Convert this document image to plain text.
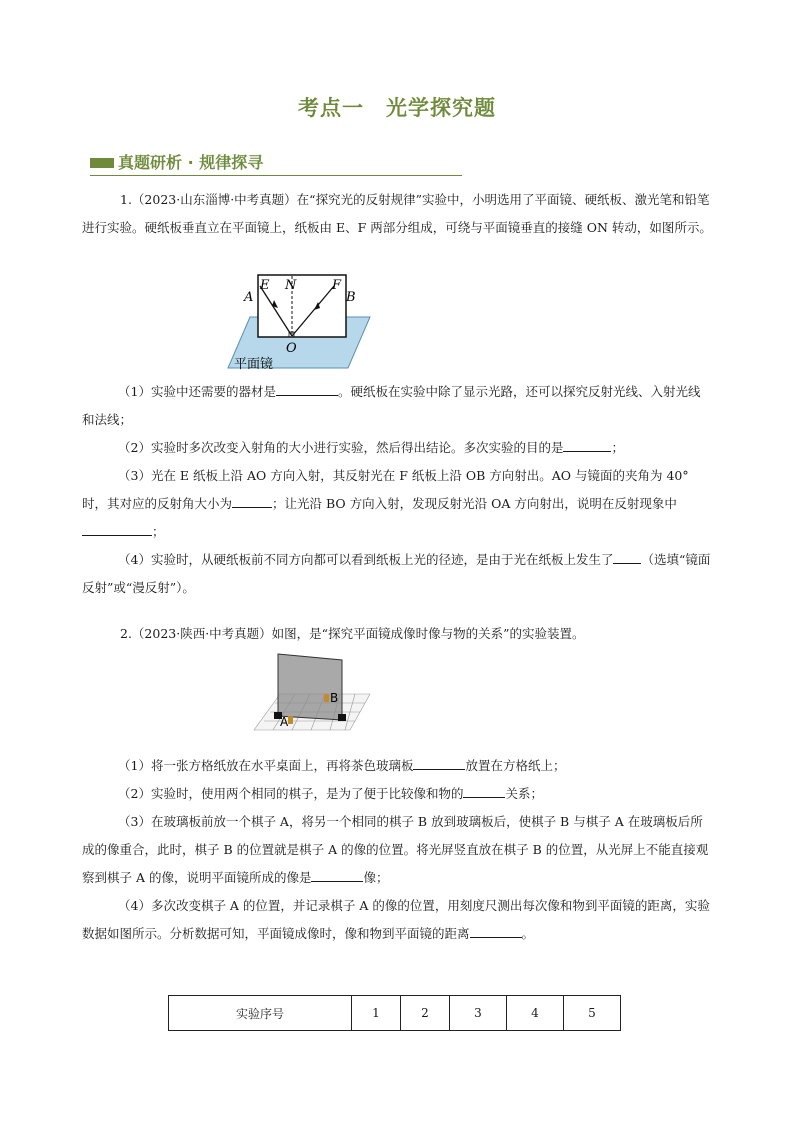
考点一　光学探究题
真题研析 · 规律探寻

1.（2023·山东淄博·中考真题）在“探究光的反射规律”实验中，小明选用了平面镜、硬纸板、激光笔和铅笔进行实验。硬纸板垂直立在平面镜上，纸板由 E、F 两部分组成，可绕与平面镜垂直的接缝 ON 转动，如图所示。

A
E N	F
B
O
平面镜

（1）实验中还需要的器材是	。硬纸板在实验中除了显示光路，还可以探究反射光线、入射光线和法线；

（2）实验时多次改变入射角的大小进行实验，然后得出结论。多次实验的目的是	；

（3）光在 E 纸板上沿 AO 方向入射，其反射光在 F 纸板上沿 OB 方向射出。AO 与镜面的夹角为 40° 时，其对应的反射角大小为	；让光沿 BO 方向入射，发现反射光沿 OA 方向射出，说明在反射现象中；

（4）实验时，从硬纸板前不同方向都可以看到纸板上光的径迹，是由于光在纸板上发生了 （选填“镜面反射”或“漫反射”）。

2.（2023·陕西·中考真题）如图，是“探究平面镜成像时像与物的关系”的实验装置。

A
B

（1）将一张方格纸放在水平桌面上，再将茶色玻璃板	放置在方格纸上；

（2）实验时，使用两个相同的棋子，是为了便于比较像和物的	关系；

（3）在玻璃板前放一个棋子 A，将另一个相同的棋子 B 放到玻璃板后，使棋子 B 与棋子 A 在玻璃板后所成的像重合，此时，棋子 B 的位置就是棋子 A 的像的位置。将光屏竖直放在棋子 B 的位置，从光屏上不能直接观察到棋子 A 的像，说明平面镜所成的像是	像；

（4）多次改变棋子 A 的位置，并记录棋子 A 的像的位置，用刻度尺测出每次像和物到平面镜的距离，实验数据如图所示。分析数据可知，平面镜成像时，像和物到平面镜的距离	。

实验序号	1	2	3	4	5
